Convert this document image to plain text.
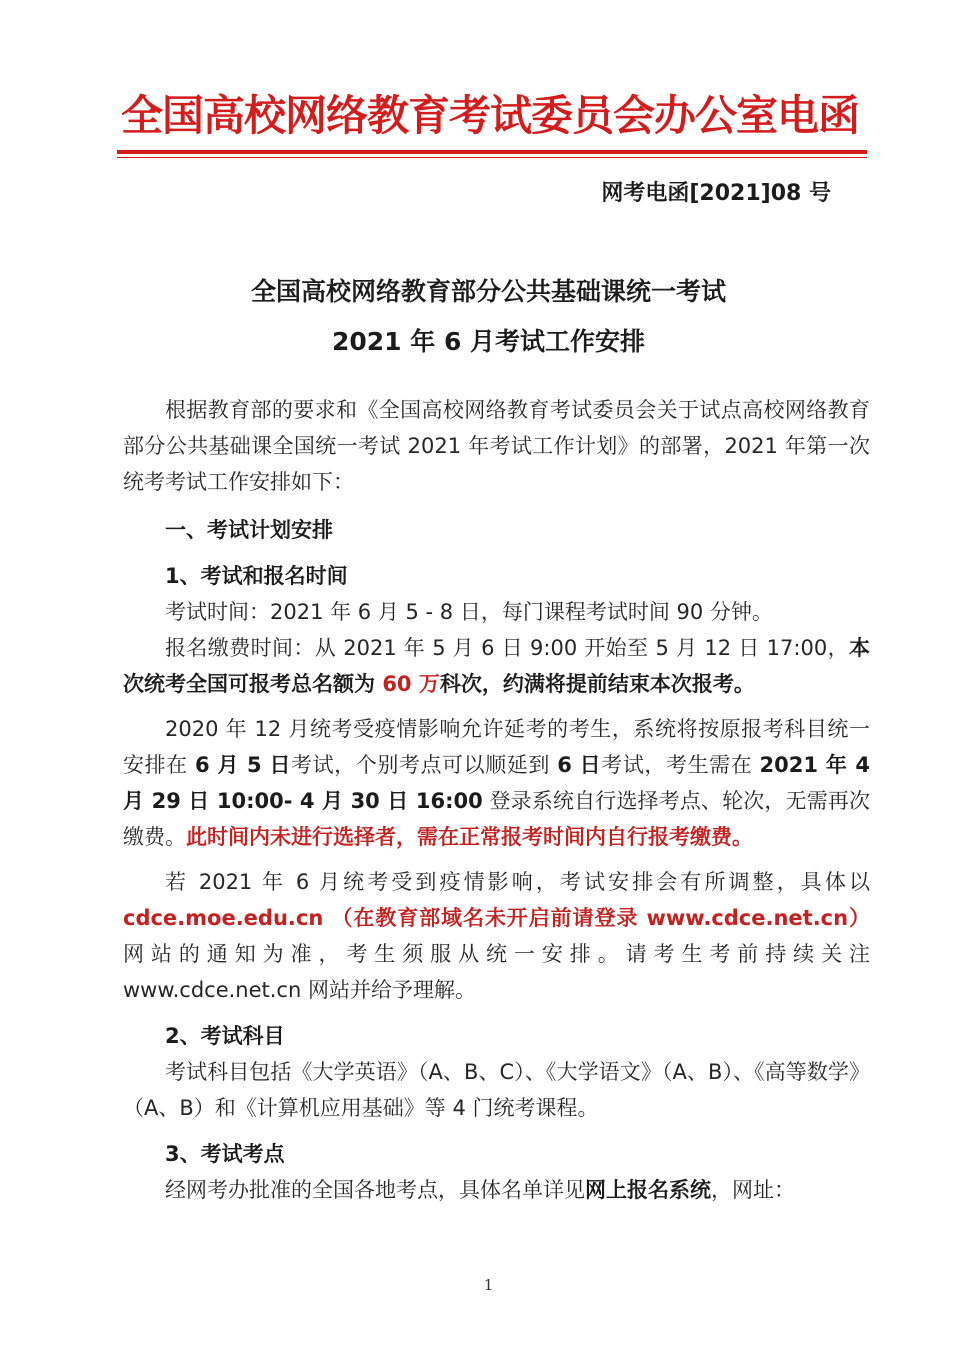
全国高校网络教育考试委员会办公室电函
网考电函[2021]08 号
全国高校网络教育部分公共基础课统一考试
2021 年 6 月考试工作安排

根据教育部的要求和《全国高校网络教育考试委员会关于试点高校网络教育部分公共基础课全国统一考试 2021 年考试工作计划》的部署，2021 年第一次统考考试工作安排如下：

一、考试计划安排

1、考试和报名时间

考试时间：2021 年 6 月 5 - 8 日，每门课程考试时间 90 分钟。

报名缴费时间：从 2021 年 5 月 6 日 9:00 开始至 5 月 12 日 17:00，本次统考全国可报考总名额为 60 万科次，约满将提前结束本次报考。

2020 年 12 月统考受疫情影响允许延考的考生，系统将按原报考科目统一安排在 6 月 5 日考试，个别考点可以顺延到 6 日考试，考生需在 2021 年 4 月 29 日 10:00- 4 月 30 日 16:00 登录系统自行选择考点、轮次，无需再次缴费。此时间内未进行选择者，需在正常报考时间内自行报考缴费。

若 2021 年 6 月统考受到疫情影响，考试安排会有所调整，具体以 cdce.moe.edu.cn （在教育部域名未开启前请登录 www.cdce.net.cn）网站的通知为准，考生须服从统一安排。请考生考前持续关注 www.cdce.net.cn 网站并给予理解。

2、考试科目

考试科目包括《大学英语》（A、B、C）、《大学语文》（A、B）、《高等数学》（A、B）和《计算机应用基础》等 4 门统考课程。

3、考试考点

经网考办批准的全国各地考点，具体名单详见网上报名系统，网址：

1
